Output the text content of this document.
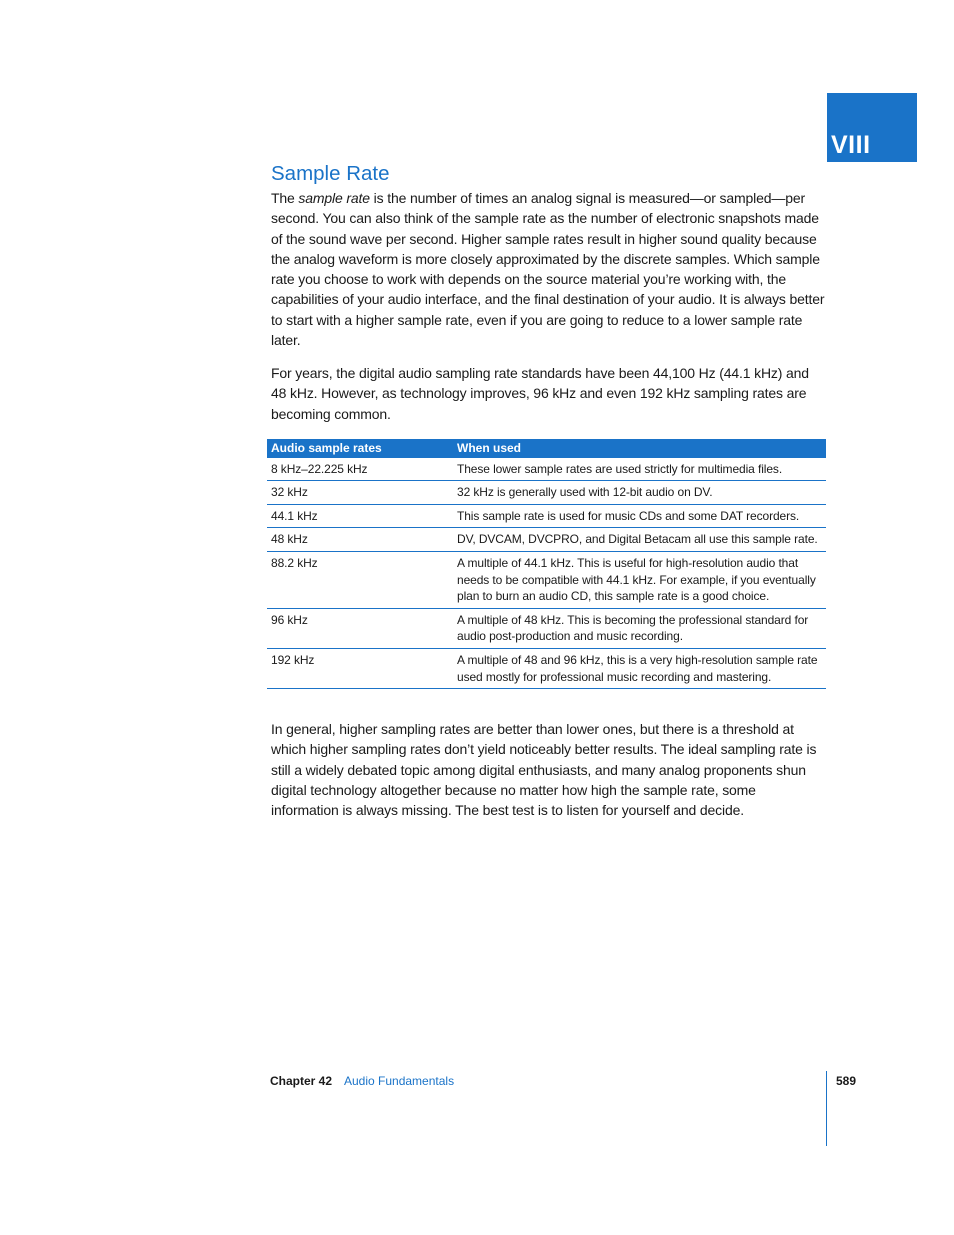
VIII
Sample Rate

The sample rate is the number of times an analog signal is measured—or sampled—per second. You can also think of the sample rate as the number of electronic snapshots made of the sound wave per second. Higher sample rates result in higher sound quality because the analog waveform is more closely approximated by the discrete samples. Which sample rate you choose to work with depends on the source material you’re working with, the capabilities of your audio interface, and the final destination of your audio. It is always better to start with a higher sample rate, even if you are going to reduce to a lower sample rate later.

For years, the digital audio sampling rate standards have been 44,100 Hz (44.1 kHz) and 48 kHz. However, as technology improves, 96 kHz and even 192 kHz sampling rates are becoming common.

Audio sample rates	When used
8 kHz–22.225 kHz	These lower sample rates are used strictly for multimedia files.
32 kHz	32 kHz is generally used with 12-bit audio on DV.
44.1 kHz	This sample rate is used for music CDs and some DAT recorders.
48 kHz	DV, DVCAM, DVCPRO, and Digital Betacam all use this sample rate.
88.2 kHz	A multiple of 44.1 kHz. This is useful for high-resolution audio that needs to be compatible with 44.1 kHz. For example, if you eventually plan to burn an audio CD, this sample rate is a good choice.
96 kHz	A multiple of 48 kHz. This is becoming the professional standard for audio post-production and music recording.
192 kHz	A multiple of 48 and 96 kHz, this is a very high-resolution sample rate used mostly for professional music recording and mastering.

In general, higher sampling rates are better than lower ones, but there is a threshold at which higher sampling rates don’t yield noticeably better results. The ideal sampling rate is still a widely debated topic among digital enthusiasts, and many analog proponents shun digital technology altogether because no matter how high the sample rate, some information is always missing. The best test is to listen for yourself and decide.

Chapter 42 Audio Fundamentals	589
